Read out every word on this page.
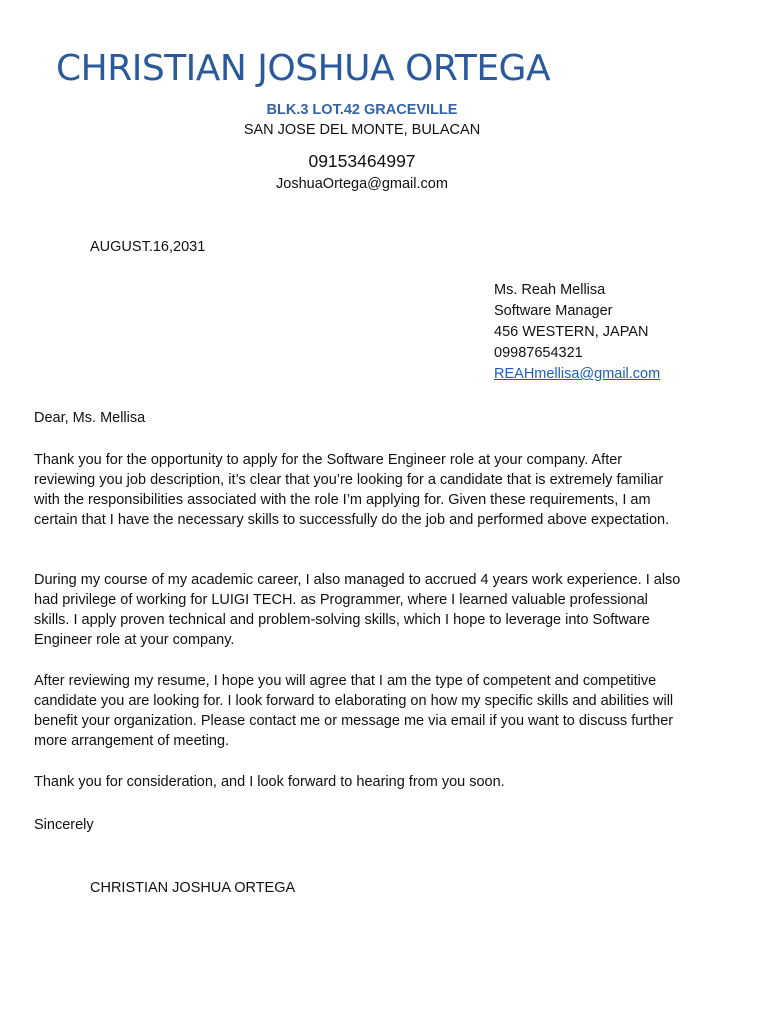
CHRISTIAN JOSHUA ORTEGA
BLK.3 LOT.42 GRACEVILLE
SAN JOSE DEL MONTE, BULACAN
09153464997
JoshuaOrtega@gmail.com
AUGUST.16,2031
Ms. Reah Mellisa
Software Manager
456 WESTERN, JAPAN
09987654321
REAHmellisa@gmail.com

Dear, Ms. Mellisa

Thank you for the opportunity to apply for the Software Engineer role at your company. After reviewing you job description, it’s clear that you’re looking for a candidate that is extremely familiar with the responsibilities associated with the role I’m applying for. Given these requirements, I am certain that I have the necessary skills to successfully do the job and performed above expectation.

During my course of my academic career, I also managed to accrued 4 years work experience. I also had privilege of working for LUIGI TECH. as Programmer, where I learned valuable professional skills. I apply proven technical and problem-solving skills, which I hope to leverage into Software Engineer role at your company.

After reviewing my resume, I hope you will agree that I am the type of competent and competitive candidate you are looking for. I look forward to elaborating on how my specific skills and abilities will benefit your organization. Please contact me or message me via email if you want to discuss further more arrangement of meeting.

Thank you for consideration, and I look forward to hearing from you soon.

Sincerely

CHRISTIAN JOSHUA ORTEGA
